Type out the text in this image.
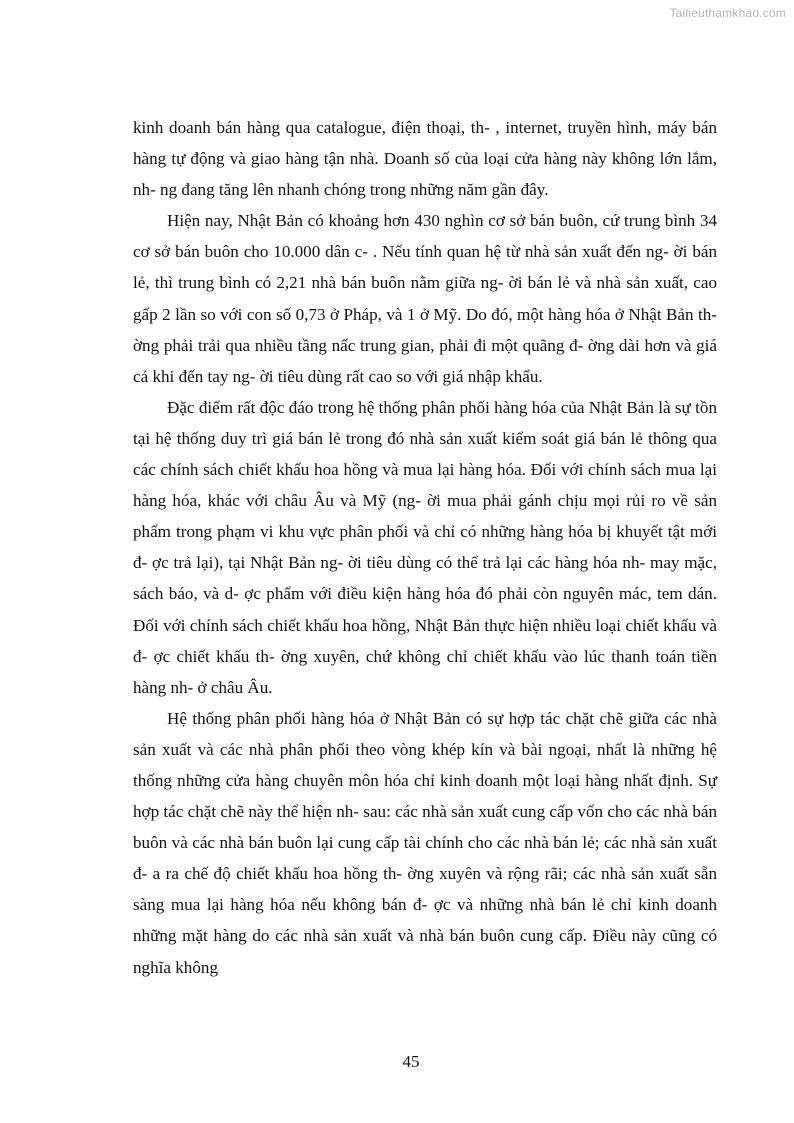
Tailieuthamkhao.com

kinh doanh bán hàng qua catalogue, điện thoại, th- , internet, truyền hình, máy bán hàng tự động và giao hàng tận nhà. Doanh số của loại cửa hàng này không lớn lắm, nh- ng đang tăng lên nhanh chóng trong những năm gần đây.

Hiện nay, Nhật Bản có khoảng hơn 430 nghìn cơ sở bán buôn, cứ trung bình 34 cơ sở bán buôn cho 10.000 dân c- . Nếu tính quan hệ từ nhà sản xuất đến ng- ời bán lẻ, thì trung bình có 2,21 nhà bán buôn nằm giữa ng- ời bán lẻ và nhà sản xuất, cao gấp 2 lần so với con số 0,73 ở Pháp, và 1 ở Mỹ. Do đó, một hàng hóa ở Nhật Bản th- ờng phải trải qua nhiều tầng nấc trung gian, phải đi một quãng đ- ờng dài hơn và giá cả khi đến tay ng- ời tiêu dùng rất cao so với giá nhập khẩu.

Đặc điểm rất độc đáo trong hệ thống phân phối hàng hóa của Nhật Bản là sự tồn tại hệ thống duy trì giá bán lẻ trong đó nhà sản xuất kiểm soát giá bán lẻ thông qua các chính sách chiết khấu hoa hồng và mua lại hàng hóa. Đối với chính sách mua lại hàng hóa, khác với châu Âu và Mỹ (ng- ời mua phải gánh chịu mọi rủi ro về sản phẩm trong phạm vi khu vực phân phối và chỉ có những hàng hóa bị khuyết tật mới đ- ợc trả lại), tại Nhật Bản ng- ời tiêu dùng có thể trả lại các hàng hóa nh- may mặc, sách báo, và d- ợc phẩm với điều kiện hàng hóa đó phải còn nguyên mác, tem dán. Đối với chính sách chiết khấu hoa hồng, Nhật Bản thực hiện nhiều loại chiết khấu và đ- ợc chiết khấu th- ờng xuyên, chứ không chỉ chiết khấu vào lúc thanh toán tiền hàng nh- ở châu Âu.

Hệ thống phân phối hàng hóa ở Nhật Bản có sự hợp tác chặt chẽ giữa các nhà sản xuất và các nhà phân phối theo vòng khép kín và bài ngoại, nhất là những hệ thống những cửa hàng chuyên môn hóa chỉ kinh doanh một loại hàng nhất định. Sự hợp tác chặt chẽ này thể hiện nh- sau: các nhà sản xuất cung cấp vốn cho các nhà bán buôn và các nhà bán buôn lại cung cấp tài chính cho các nhà bán lẻ; các nhà sản xuất đ- a ra chế độ chiết khấu hoa hồng th- ờng xuyên và rộng rãi; các nhà sản xuất sẵn sàng mua lại hàng hóa nếu không bán đ- ợc và những nhà bán lẻ chỉ kinh doanh những mặt hàng do các nhà sản xuất và nhà bán buôn cung cấp. Điều này cũng có nghĩa không

45
